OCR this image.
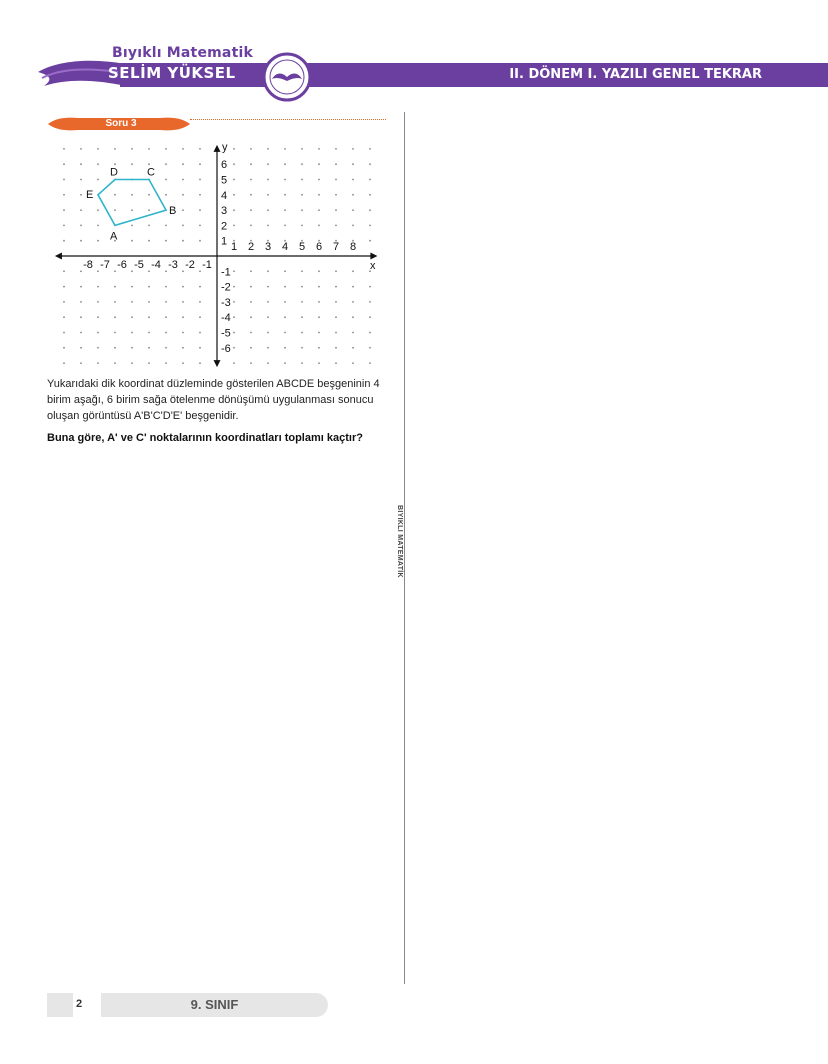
Bıyıklı Matematik
SELİM YÜKSEL	II. DÖNEM I. YAZILI GENEL TEKRAR
Soru 3
x
y
-8 -7 -6 -5 -4 -3 -2 -1
1 2 3 4 5 6 7 8
-6
-5
-4
-3
-2
-1
1
2
3
4
5
6
A
B
C
D
E
Yukarıdaki dik koordinat düzleminde gösterilen ABCDE beşgeninin 4 birim aşağı, 6 birim sağa ötelenme dönüşümü uygulanması sonucu oluşan görüntüsü A'B'C'D'E' beşgenidir.
Buna göre, A' ve C' noktalarının koordinatları toplamı kaçtır?
BIYIKLI MATEMATİK
2	9. SINIF
